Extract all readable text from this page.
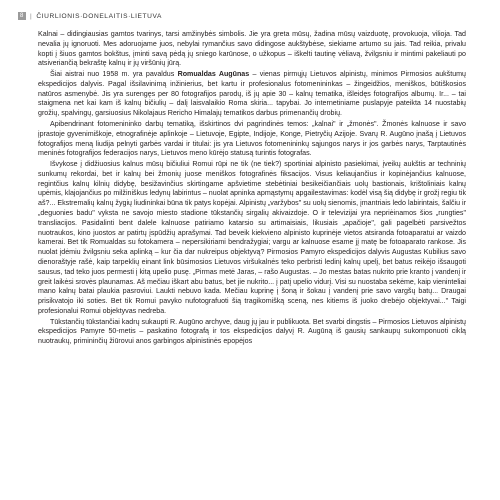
8 | ČIURLIONIS·DONELAITIS·LIETUVA

Kalnai – didingiausias gamtos tvarinys, tarsi amžinybės simbolis. Jie yra greta mūsų, žadina mūsų vaizduotę, provokuoja, vilioja. Tad nevalia jų ignoruoti. Mes adoruojame juos, nebylai rymančius savo didingose aukštybėse, siekiame artumo su jais. Tad reikia, privalu kopti į šiuos gamtos bokštus, įminti savą pėdą jų sniego karūnose, o užkopus – iškelti tautinę vėliavą, žvilgsniu ir mintimi pakeliauti po atsiveriančią bekraštę kalnų ir jų viršūnių jūrą.

Šiai aistrai nuo 1958 m. yra pavaldus Romualdas Augūnas – vienas pirmųjų Lietuvos alpinistų, minimos Pirmosios aukštumų ekspedicijos dalyvis. Pagal išsilavinimą inžinierius, bet kartu ir profesionalus fotomenininkas – žingeidžios, meniškos, būtiškosios natūros asmenybė. Jis yra surengęs per 80 fotografijos parodų, iš jų apie 30 – kalnų tematika, išleidęs fotografijos albumų. Ir... – tai staigmena net kai kam iš kalnų bičiulių – dalį laisvalaikio Roma skiria... tapybai. Jo internetiniame puslapyje pateikta 14 nuostabių grožių, spalvingų, garsiuosius Nikolajaus Rericho Himalajų tematikos darbus primenančių drobių.

Apibendrinant fotomenininko darbų tematiką, išskirtinos dvi pagrindinės temos: „kalnai" ir „žmonės". Žmonės kalnuose ir savo įprastoje gyvenimiškoje, etnografinėje aplinkoje – Lietuvoje, Egipte, Indijoje, Konge, Pietryčių Azijoje. Svarų R. Augūno įnašą į Lietuvos fotografijos meną liudija pelnyti garbės vardai ir titulai: jis yra Lietuvos fotomenininkų sąjungos narys ir jos garbės narys, Tarptautinės meninės fotografijos federacijos narys, Lietuvos meno kūrėjo statusą turintis fotografas.

Išvykose į didžiuosius kalnus mūsų bičiuliui Romui rūpi ne tik (ne tiek?) sportiniai alpinisto pasiekimai, įveikų aukštis ar techninių sunkumų rekordai, bet ir kalnų bei žmonių juose meniškos fotografinės fiksacijos. Visus keliaujančius ir kopinėjančius kalnuose, regintčius kalnų kilnių didybę, besižavinčius skirtingame apšvietime stebėtiniai besikeičiančiais uolų bastionais, krištoliniais kalnų upėmis, klajojančius po milžiniškus ledynų labirintus – nuolat apninka apmąstymų apgailestavimas: kodėl visą šią didybę ir grožį regiu tik aš?... Ekstremalių kalnų žygių liudininkai būna tik patys kopėjai. Alpinistų „varžybos" su uolų sienomis, įmantriais ledo labirintais, šalčiu ir „deguonies badu" vyksta ne savojo miesto stadione tūkstančių sirgalių akivaizdoje. O ir televizijai yra nepriėinamos šios „rungties" transliacijos. Pasidalinti bent dalele kalnuose patiriamo katarsio su artimaisiais, likusiais „apačioje", gali pagelbėti parsivežtos nuotraukos, kino juostos ar patirtų įspūdžių aprašymai. Tad beveik kiekvieno alpinisto kuprinėje vietos atsiranda fotoaparatui ar vaizdo kamerai. Bet tik Romualdas su fotokamera – nepersikiriami bendražygiai; vargu ar kalnuose esame jį matę be fotoaparato rankose. Jis nuolat įdėmiu žvilgsniu seka aplinką – kur čia dar nukreipus objektyvą? Pirmosios Pamyro ekspedicijos dalyvis Augustas Kubilius savo dienoraštyje rašė, kaip tarpeklių einant link būsimosios Lietuvos viršukalnės teko perbristi ledinį kalnų upelį, bet batus reikėjo išsaugoti sausus, tad teko juos permesti į kitą upelio pusę. „Pirmas metė Jaras, – rašo Augustas. – Jo mestas batas nukrito prie kranto į vandenį ir greit laikėsi srovės plaunamas. Aš mečiau iškart abu batus, bet jie nukrito... į patį upelio vidurį. Visi su nuostaba sekėme, kaip vieninteliai mano kalnų batai plaukia pasroviui. Laukti nebuvo kada. Mečiau kuprinę į šoną ir šokau į vandenį prie savo vargšų batų... Draugai prisikvatojo iki soties. Bet tik Romui pavyko nufotografuoti šią tragikomišką sceną, nes kitiems iš juoko drebėjo objektyvai..." Taigi profesionalui Romui objektyvas nedreba.

Tūkstančių tūkstančiai kadrų sukaupti R. Augūno archyve, daug jų jau ir publikuota. Bet svarbi dingstis – Pirmosios Lietuvos alpinistų ekspedicijos Pamyre 50-metis – paskatino fotografą ir tos ekspedicijos dalyvį R. Augūną iš gausių sankaupų sukomponuoti ciklą nuotraukų, primininčių žiūrovui anos garbingos alpinistinės epopėjos
